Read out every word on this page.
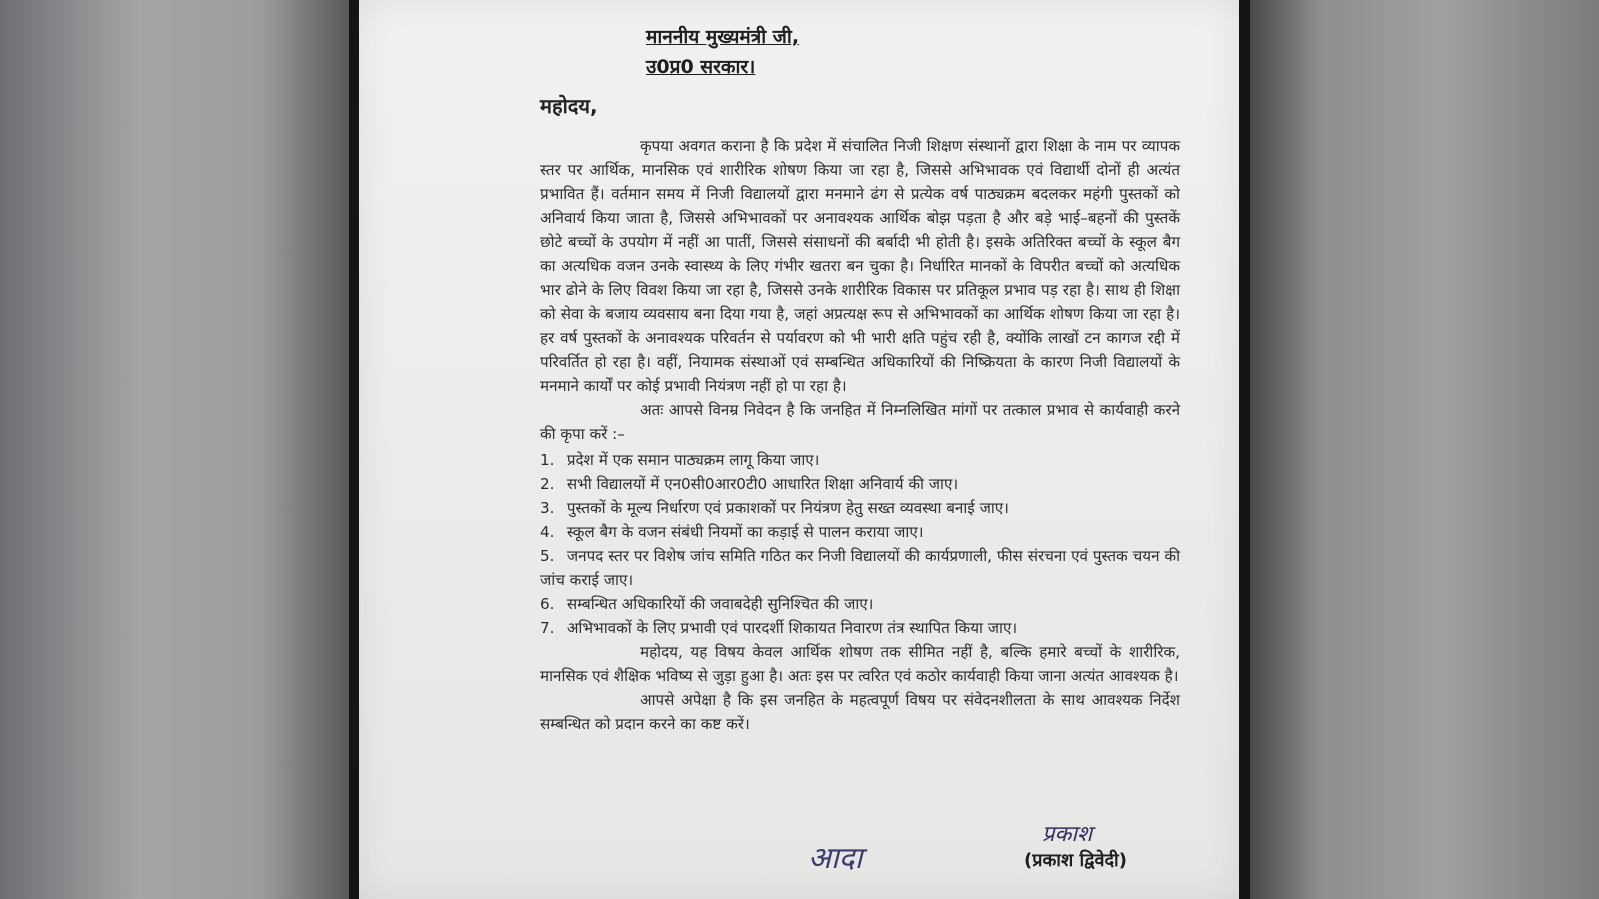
माननीय मुख्यमंत्री जी,
उ0प्र0 सरकार।
महोदय,

कृपया अवगत कराना है कि प्रदेश में संचालित निजी शिक्षण संस्थानों द्वारा शिक्षा के नाम पर व्यापक स्तर पर आर्थिक, मानसिक एवं शारीरिक शोषण किया जा रहा है, जिससे अभिभावक एवं विद्यार्थी दोनों ही अत्यंत प्रभावित हैं। वर्तमान समय में निजी विद्यालयों द्वारा मनमाने ढंग से प्रत्येक वर्ष पाठ्यक्रम बदलकर महंगी पुस्तकों को अनिवार्य किया जाता है, जिससे अभिभावकों पर अनावश्यक आर्थिक बोझ पड़ता है और बड़े भाई–बहनों की पुस्तकें छोटे बच्चों के उपयोग में नहीं आ पातीं, जिससे संसाधनों की बर्बादी भी होती है। इसके अतिरिक्त बच्चों के स्कूल बैग का अत्यधिक वजन उनके स्वास्थ्य के लिए गंभीर खतरा बन चुका है। निर्धारित मानकों के विपरीत बच्चों को अत्यधिक भार ढोने के लिए विवश किया जा रहा है, जिससे उनके शारीरिक विकास पर प्रतिकूल प्रभाव पड़ रहा है। साथ ही शिक्षा को सेवा के बजाय व्यवसाय बना दिया गया है, जहां अप्रत्यक्ष रूप से अभिभावकों का आर्थिक शोषण किया जा रहा है। हर वर्ष पुस्तकों के अनावश्यक परिवर्तन से पर्यावरण को भी भारी क्षति पहुंच रही है, क्योंकि लाखों टन कागज रद्दी में परिवर्तित हो रहा है। वहीं, नियामक संस्थाओं एवं सम्बन्धित अधिकारियों की निष्क्रियता के कारण निजी विद्यालयों के मनमाने कार्यों पर कोई प्रभावी नियंत्रण नहीं हो पा रहा है।

अतः आपसे विनम्र निवेदन है कि जनहित में निम्नलिखित मांगों पर तत्काल प्रभाव से कार्यवाही करने की कृपा करें :–

1. प्रदेश में एक समान पाठ्यक्रम लागू किया जाए।
2. सभी विद्यालयों में एन0सी0आर0टी0 आधारित शिक्षा अनिवार्य की जाए।
3. पुस्तकों के मूल्य निर्धारण एवं प्रकाशकों पर नियंत्रण हेतु सख्त व्यवस्था बनाई जाए।
4. स्कूल बैग के वजन संबंधी नियमों का कड़ाई से पालन कराया जाए।
5. जनपद स्तर पर विशेष जांच समिति गठित कर निजी विद्यालयों की कार्यप्रणाली, फीस संरचना एवं पुस्तक चयन की जांच कराई जाए।
6. सम्बन्धित अधिकारियों की जवाबदेही सुनिश्चित की जाए।
7. अभिभावकों के लिए प्रभावी एवं पारदर्शी शिकायत निवारण तंत्र स्थापित किया जाए।

महोदय, यह विषय केवल आर्थिक शोषण तक सीमित नहीं है, बल्कि हमारे बच्चों के शारीरिक, मानसिक एवं शैक्षिक भविष्य से जुड़ा हुआ है। अतः इस पर त्वरित एवं कठोर कार्यवाही किया जाना अत्यंत आवश्यक है।

आपसे अपेक्षा है कि इस जनहित के महत्वपूर्ण विषय पर संवेदनशीलता के साथ आवश्यक निर्देश सम्बन्धित को प्रदान करने का कष्ट करें।

आदा
प्रकाश
(प्रकाश द्विवेदी)
